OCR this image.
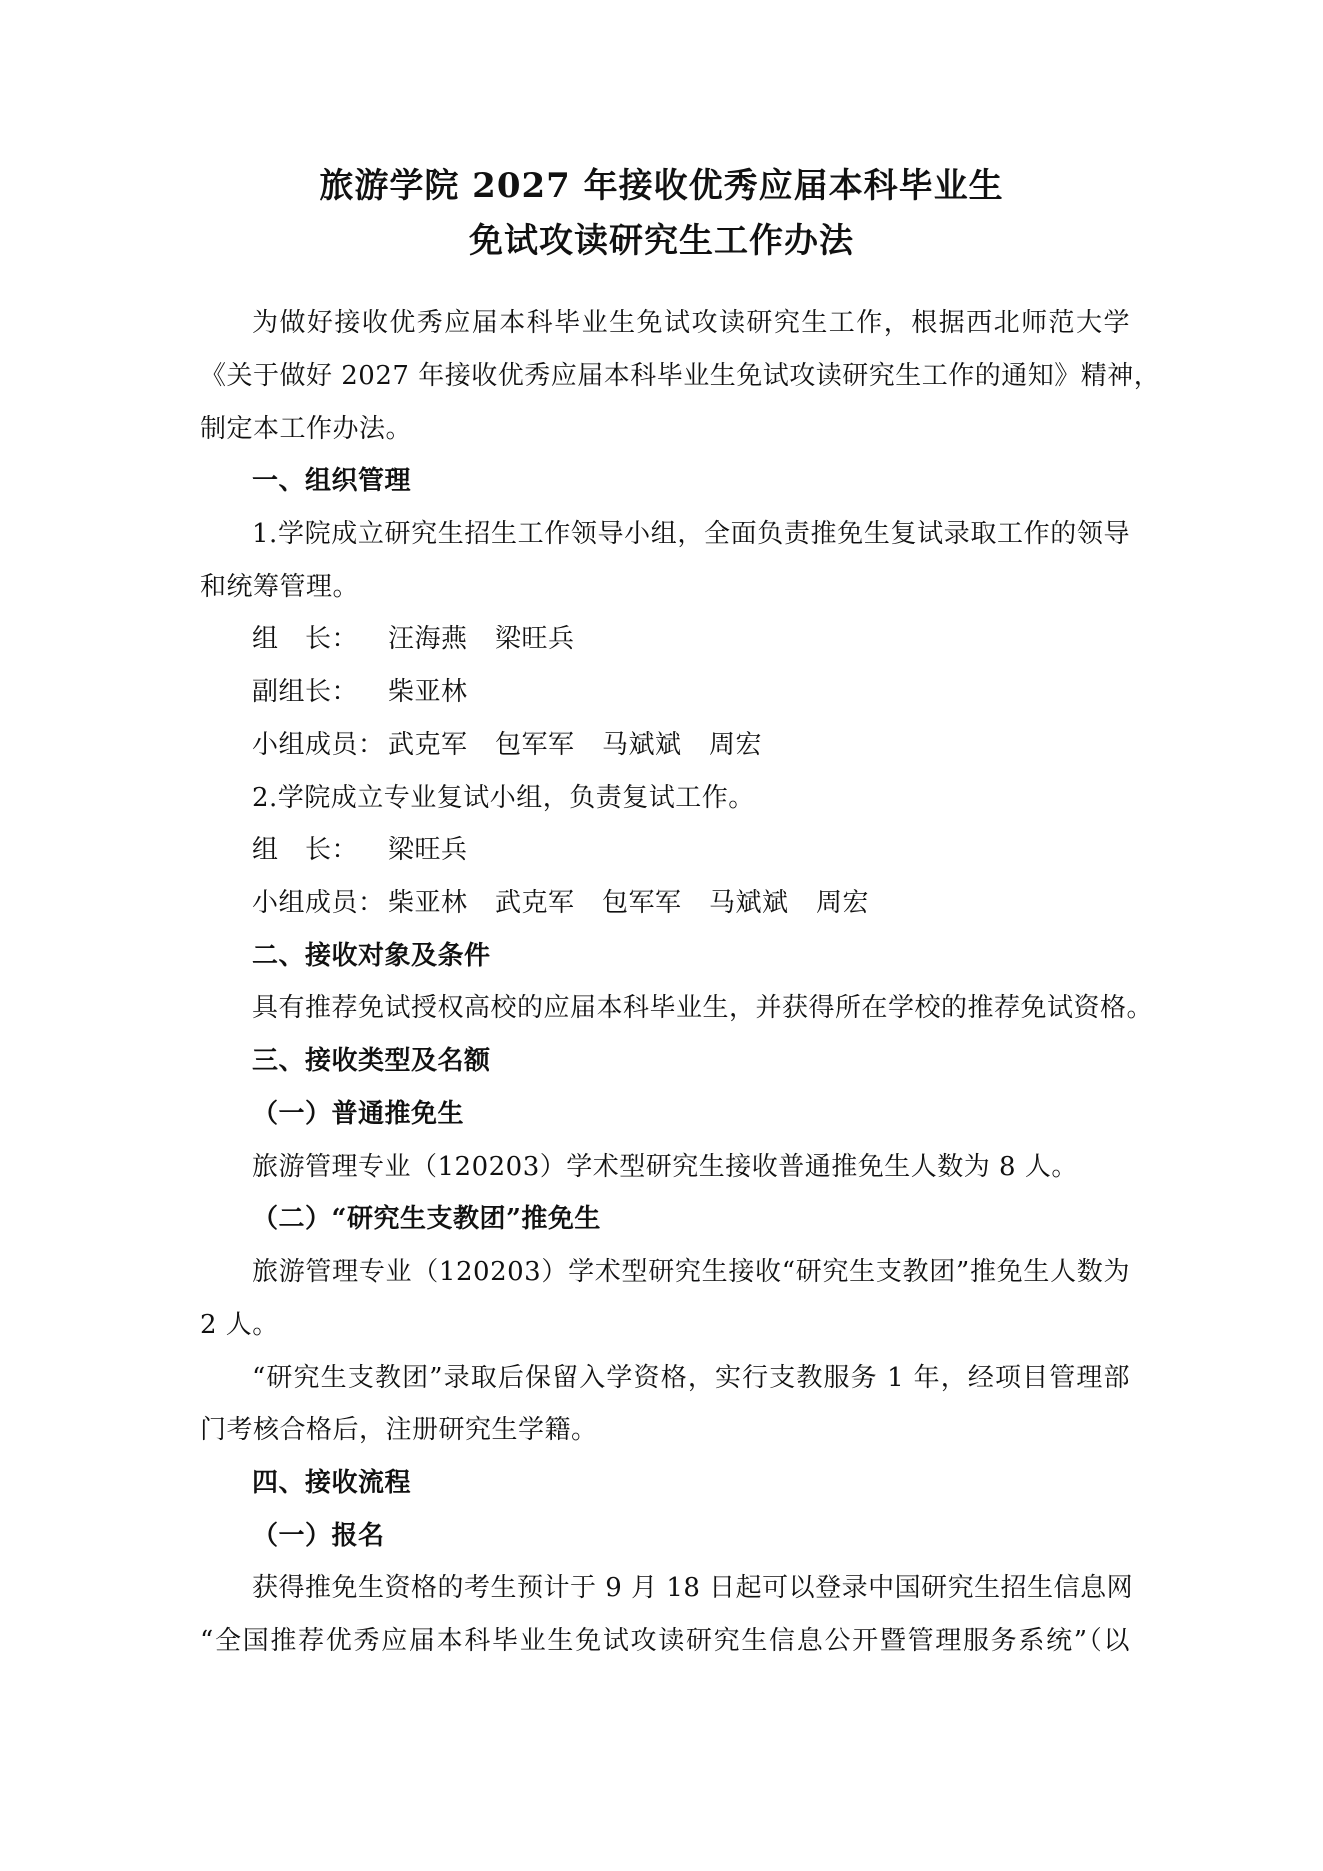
旅游学院 2027 年接收优秀应届本科毕业生
免试攻读研究生工作办法
为做好接收优秀应届本科毕业生免试攻读研究生工作，根据西北师范大学
《关于做好 2027 年接收优秀应届本科毕业生免试攻读研究生工作的通知》精神，
制定本工作办法。
一、组织管理
1.学院成立研究生招生工作领导小组，全面负责推免生复试录取工作的领导
和统筹管理。
组　长： 汪海燕 梁旺兵
副组长： 柴亚林
小组成员： 武克军 包军军 马斌斌 周宏
2.学院成立专业复试小组，负责复试工作。
组　长： 梁旺兵
小组成员： 柴亚林 武克军 包军军 马斌斌 周宏
二、接收对象及条件
具有推荐免试授权高校的应届本科毕业生，并获得所在学校的推荐免试资格。
三、接收类型及名额
（一）普通推免生
旅游管理专业（120203）学术型研究生接收普通推免生人数为 8 人。
（二）“研究生支教团”推免生
旅游管理专业（120203）学术型研究生接收“研究生支教团”推免生人数为
2 人。
“研究生支教团”录取后保留入学资格，实行支教服务 1 年，经项目管理部
门考核合格后，注册研究生学籍。
四、接收流程
（一）报名
获得推免生资格的考生预计于 9 月 18 日起可以登录中国研究生招生信息网
“全国推荐优秀应届本科毕业生免试攻读研究生信息公开暨管理服务系统”（以
